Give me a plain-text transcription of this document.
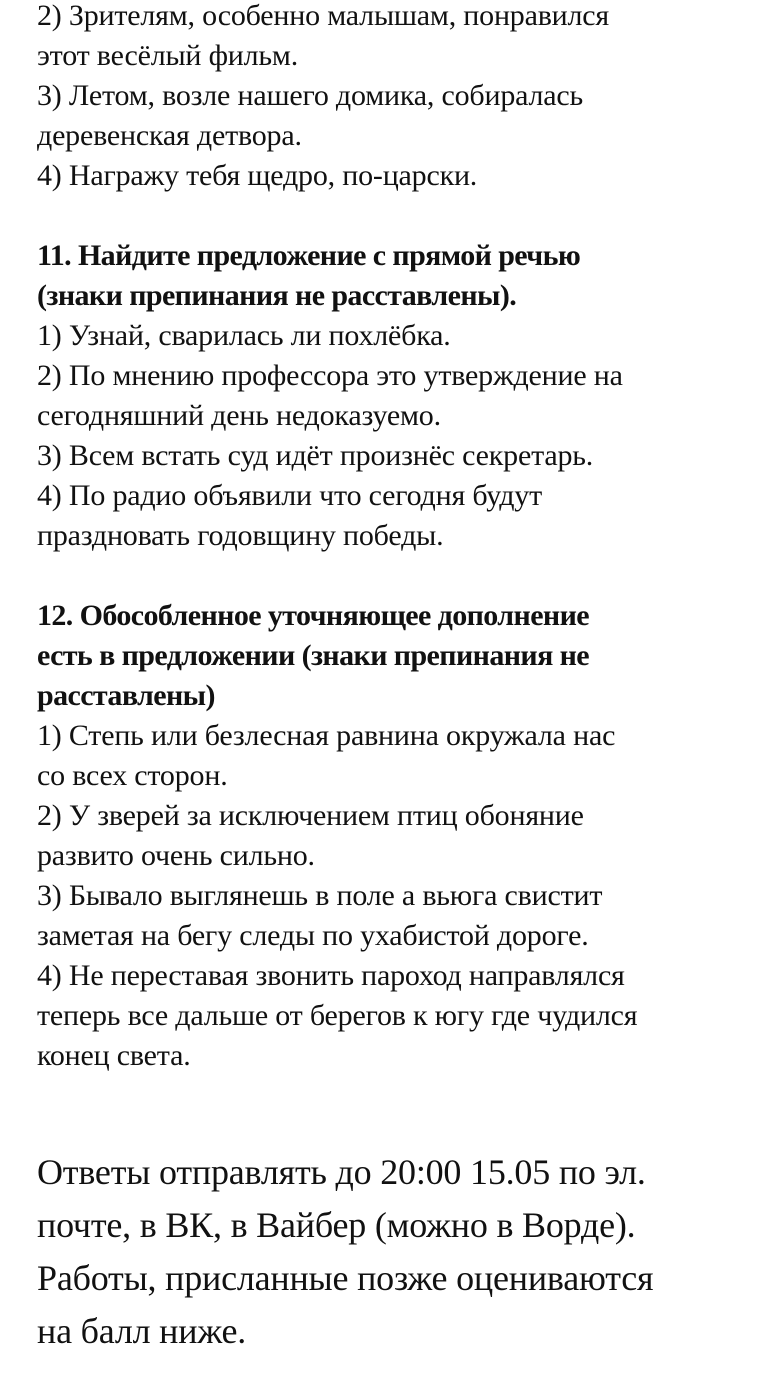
2) Зрителям, особенно малышам, понравился
этот весёлый фильм.
3) Летом, возле нашего домика, собиралась
деревенская детвора.
4) Награжу тебя щедро, по-царски.
11. Найдите предложение с прямой речью
(знаки препинания не расставлены).
1) Узнай, сварилась ли похлёбка.
2) По мнению профессора это утверждение на
сегодняшний день недоказуемо.
3) Всем встать суд идёт произнёс секретарь.
4) По радио объявили что сегодня будут
праздновать годовщину победы.
12. Обособленное уточняющее дополнение
есть в предложении (знаки препинания не
расставлены)
1) Степь или безлесная равнина окружала нас
со всех сторон.
2) У зверей за исключением птиц обоняние
развито очень сильно.
3) Бывало выглянешь в поле а вьюга свистит
заметая на бегу следы по ухабистой дороге.
4) Не переставая звонить пароход направлялся
теперь все дальше от берегов к югу где чудился
конец света.
Ответы отправлять до 20:00 15.05 по эл.
почте, в ВК, в Вайбер (можно в Ворде).
Работы, присланные позже оцениваются
на балл ниже.
